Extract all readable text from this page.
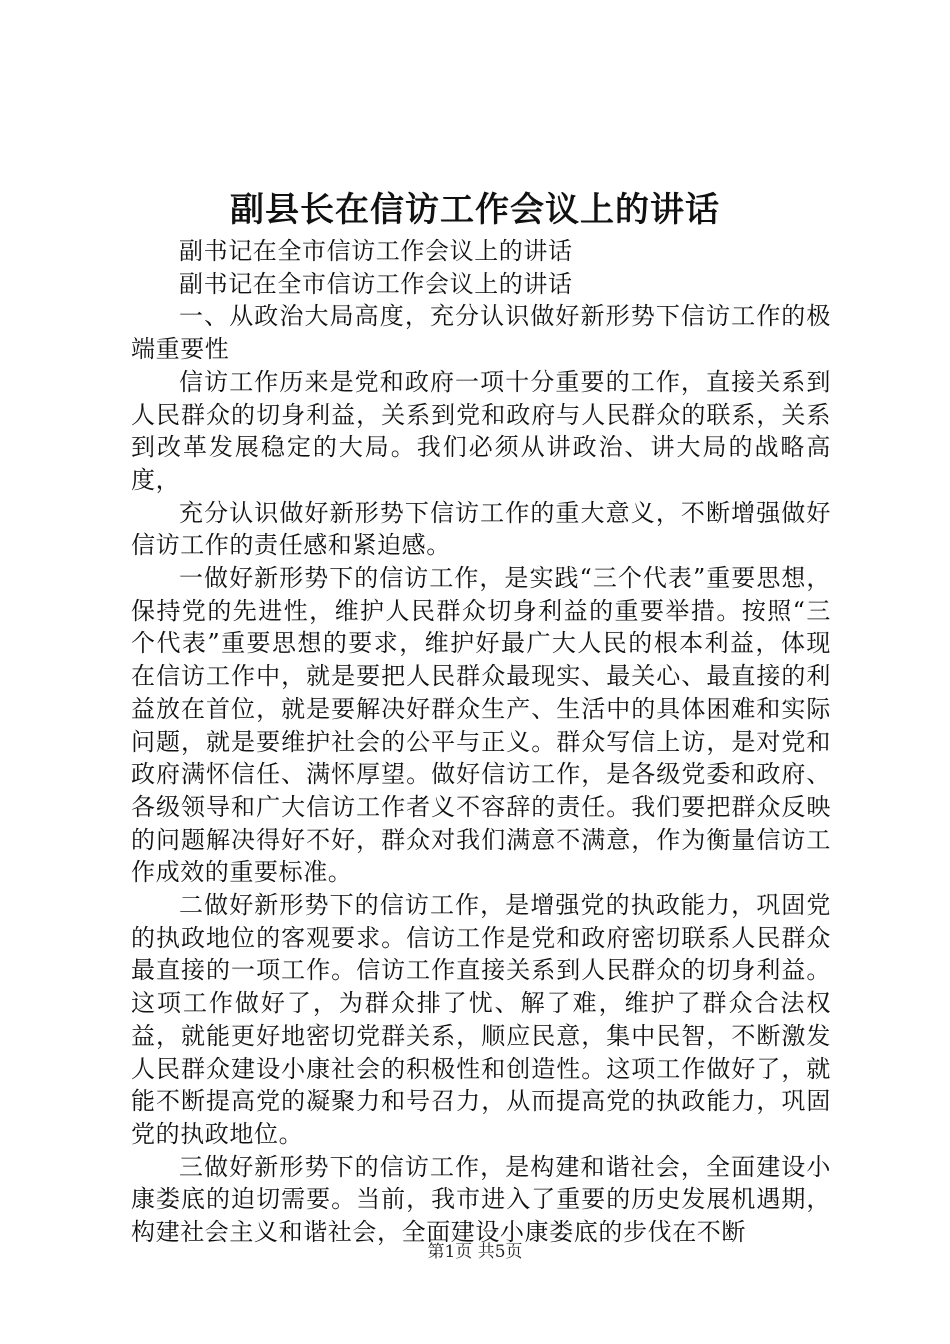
副县长在信访工作会议上的讲话

副书记在全市信访工作会议上的讲话

副书记在全市信访工作会议上的讲话

一、从政治大局高度，充分认识做好新形势下信访工作的极端重要性

信访工作历来是党和政府一项十分重要的工作，直接关系到人民群众的切身利益，关系到党和政府与人民群众的联系，关系到改革发展稳定的大局。我们必须从讲政治、讲大局的战略高度，

充分认识做好新形势下信访工作的重大意义，不断增强做好信访工作的责任感和紧迫感。

一做好新形势下的信访工作，是实践“三个代表”重要思想，保持党的先进性，维护人民群众切身利益的重要举措。按照“三个代表”重要思想的要求，维护好最广大人民的根本利益，体现在信访工作中，就是要把人民群众最现实、最关心、最直接的利益放在首位，就是要解决好群众生产、生活中的具体困难和实际问题，就是要维护社会的公平与正义。群众写信上访，是对党和政府满怀信任、满怀厚望。做好信访工作，是各级党委和政府、各级领导和广大信访工作者义不容辞的责任。我们要把群众反映的问题解决得好不好，群众对我们满意不满意，作为衡量信访工作成效的重要标准。

二做好新形势下的信访工作，是增强党的执政能力，巩固党的执政地位的客观要求。信访工作是党和政府密切联系人民群众最直接的一项工作。信访工作直接关系到人民群众的切身利益。这项工作做好了，为群众排了忧、解了难，维护了群众合法权益，就能更好地密切党群关系，顺应民意，集中民智，不断激发人民群众建设小康社会的积极性和创造性。这项工作做好了，就能不断提高党的凝聚力和号召力，从而提高党的执政能力，巩固党的执政地位。

三做好新形势下的信访工作，是构建和谐社会，全面建设小康娄底的迫切需要。当前，我市进入了重要的历史发展机遇期，构建社会主义和谐社会，全面建设小康娄底的步伐在不断

第1页 共5页
